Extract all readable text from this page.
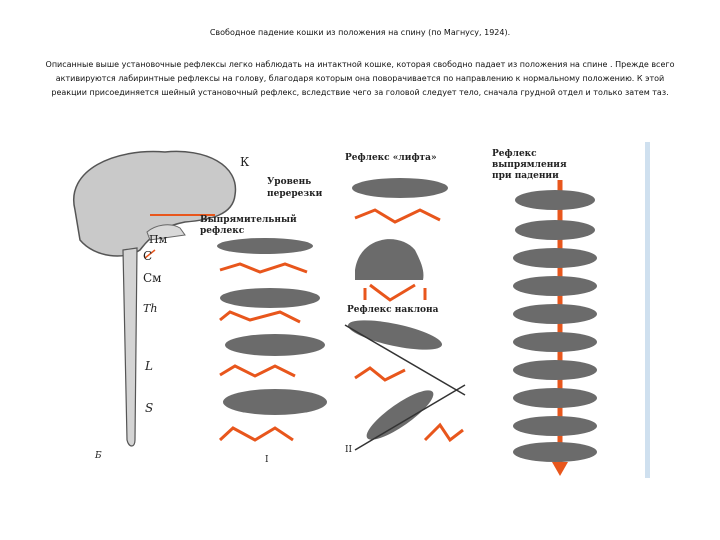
Свободное падение кошки из положения на спину (по Магнусу, 1924).
Описанные выше установочные рефлексы легко наблюдать на интактной кошке, которая свободно падает из положения на спине . Прежде всего активируются лабиринтные рефлексы на голову, благодаря которым она поворачивается по направлению к нормальному положению. К этой реакции присоединяется шейный установочный рефлекс, вследствие чего за головой следует тело, сначала грудной отдел и только затем таз.
К
Пм
С
См
Th
L
S
Б
Уровень
перерезки
Выпрямительный
рефлекс
I
Рефлекс «лифта»
Рефлекс наклона
II
Рефлекс
выпрямления
при падении
